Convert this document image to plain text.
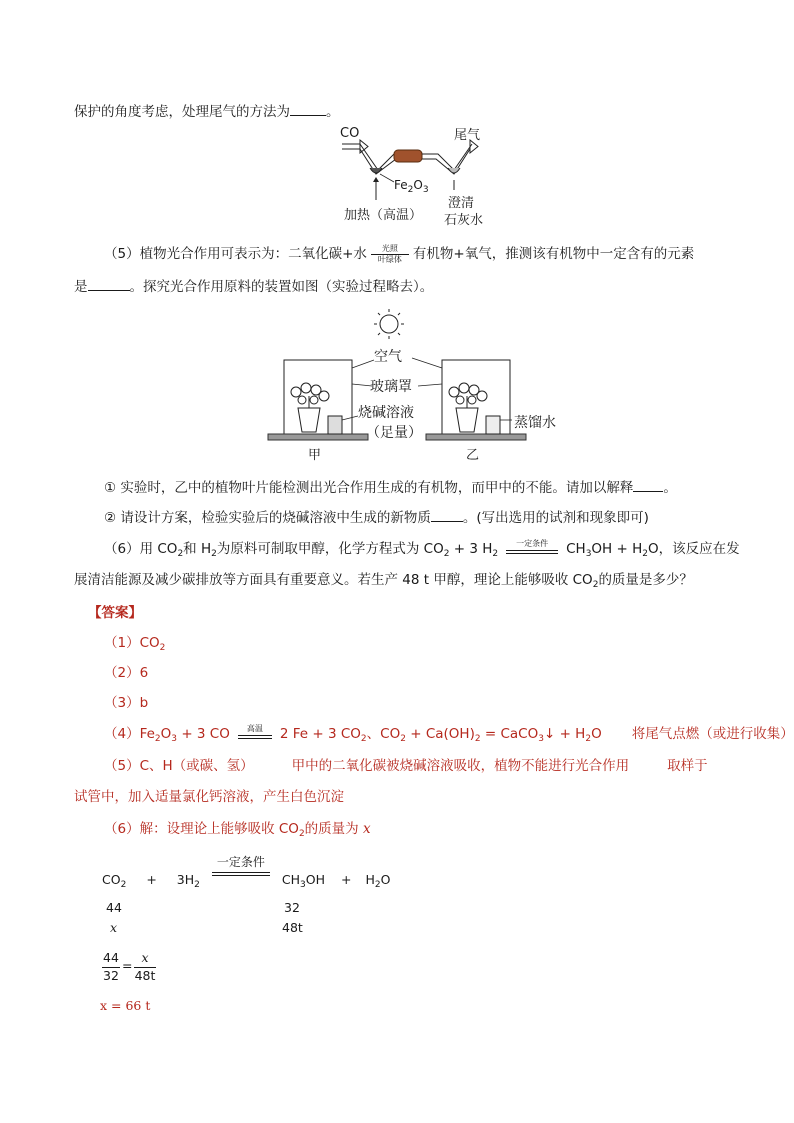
保护的角度考虑，处理尾气的方法为	。
CO	尾气
$Fe_2O_3$
加热（高温）
澄清
石灰水
（5）植物光合作用可表示为：二氧化碳+水	光照
叶绿体 有机物+氧气，推测该有机物中一定含有的元素
是	。探究光合作用原料的装置如图（实验过程略去）。
空气
玻璃罩
烧碱溶液
（足量）
蒸馏水
甲	乙
① 实验时，乙中的植物叶片能检测出光合作用生成的有机物，而甲中的不能。请加以解释 。
② 请设计方案，检验实验后的烧碱溶液中生成的新物质 。(写出选用的试剂和现象即可)
（6）用 $CO_2$和 $H_2$为原料可制取甲醇，化学方程式为 $CO_2 + 3$ $H_2$
一定条件	$CH_3OH + H_2O$，该反应在发
展清洁能源及减少碳排放等方面具有重要意义。若生产 48 t 甲醇，理论上能够吸收 $CO_2$的质量是多少？
【答案】
$(1)CO_2$
（2）6
（3）b
$(4)Fe_2O_3 + 3$ CO	高温	2 Fe + 3 $CO_2$、$CO_2 + Ca(OH)_2$ = CaCO$_3$↓ + $H_2O$ 将尾气点燃（或进行收集）
（5）C、H（或碳、氢）	甲中的二氧化碳被烧碱溶液吸收，植物不能进行光合作用	取样于
试管中，加入适量氯化钙溶液，产生白色沉淀
（6）解：设理论上能够吸收 $CO_2$的质量为 x
$CO_2 + 3H_2$
一定条件
$CH_3OH + H_2O$
44	32
x	48t
44
32
=
x
48t
x = 66 t
